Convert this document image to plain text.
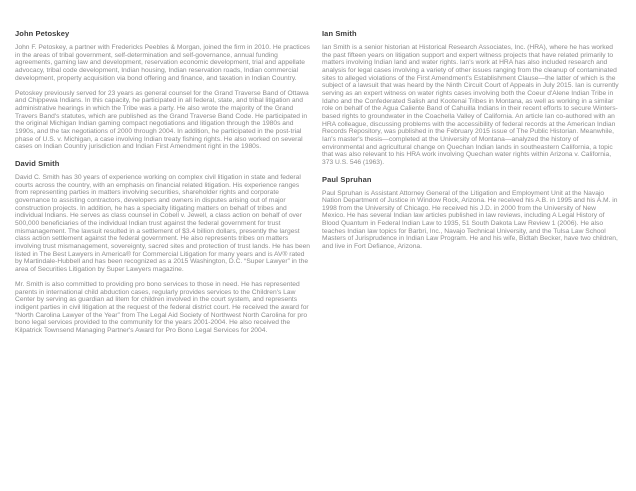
John Petoskey

John F. Petoskey, a partner with Fredericks Peebles & Morgan, joined the firm in 2010. He practices in the areas of tribal government, self-determination and self-governance, annual funding agreements, gaming law and development, reservation economic development, trial and appellate advocacy, tribal code development, Indian housing, Indian reservation roads, Indian commercial development, property acquisition via bond offering and finance, and taxation in Indian Country.

Petoskey previously served for 23 years as general counsel for the Grand Traverse Band of Ottawa and Chippewa Indians. In this capacity, he participated in all federal, state, and tribal litigation and administrative hearings in which the Tribe was a party. He also wrote the majority of the Grand Travers Band's statutes, which are published as the Grand Traverse Band Code. He participated in the original Michigan Indian gaming compact negotiations and litigation through the 1980s and 1990s, and the tax negotiations of 2000 through 2004. In addition, he participated in the post-trial phase of U.S. v. Michigan, a case involving Indian treaty fishing rights. He also worked on several cases on Indian Country jurisdiction and Indian First Amendment right in the 1980s.

David Smith

David C. Smith has 30 years of experience working on complex civil litigation in state and federal courts across the country, with an emphasis on financial related litigation. His experience ranges from representing parties in matters involving securities, shareholder rights and corporate governance to assisting contractors, developers and owners in disputes arising out of major construction projects. In addition, he has a specialty litigating matters on behalf of tribes and individual Indians. He serves as class counsel in Cobell v. Jewell, a class action on behalf of over 500,000 beneficiaries of the individual Indian trust against the federal government for trust mismanagement. The lawsuit resulted in a settlement of $3.4 billion dollars, presently the largest class action settlement against the federal government. He also represents tribes on matters involving trust mismanagement, sovereignty, sacred sites and protection of trust lands. He has been listed in The Best Lawyers in America® for Commercial Litigation for many years and is AV® rated by Martindale-Hubbell and has been recognized as a 2015 Washington, D.C. “Super Lawyer” in the area of Securities Litigation by Super Lawyers magazine.

Mr. Smith is also committed to providing pro bono services to those in need. He has represented parents in international child abduction cases, regularly provides services to the Children's Law Center by serving as guardian ad litem for children involved in the court system, and represents indigent parties in civil litigation at the request of the federal district court. He received the award for “North Carolina Lawyer of the Year” from The Legal Aid Society of Northwest North Carolina for pro bono legal services provided to the community for the years 2001-2004. He also received the Kilpatrick Townsend Managing Partner's Award for Pro Bono Legal Services for 2004.

Ian Smith

Ian Smith is a senior historian at Historical Research Associates, Inc. (HRA), where he has worked the past fifteen years on litigation support and expert witness projects that have related primarily to matters involving Indian land and water rights. Ian's work at HRA has also included research and analysis for legal cases involving a variety of other issues ranging from the cleanup of contaminated sites to alleged violations of the First Amendment's Establishment Clause—the latter of which is the subject of a lawsuit that was heard by the Ninth Circuit Court of Appeals in July 2015. Ian is currently serving as an expert witness on water rights cases involving both the Coeur d'Alene Indian Tribe in Idaho and the Confederated Salish and Kootenai Tribes in Montana, as well as working in a similar role on behalf of the Agua Caliente Band of Cahuilla Indians in their recent efforts to secure Winters-based rights to groundwater in the Coachella Valley of California. An article Ian co-authored with an HRA colleague, discussing problems with the accessibility of federal records at the American Indian Records Repository, was published in the February 2015 issue of The Public Historian. Meanwhile, Ian's master's thesis—completed at the University of Montana—analyzed the history of environmental and agricultural change on Quechan Indian lands in southeastern California, a topic that was also relevant to his HRA work involving Quechan water rights within Arizona v. California, 373 U.S. 546 (1963).

Paul Spruhan

Paul Spruhan is Assistant Attorney General of the Litigation and Employment Unit at the Navajo Nation Department of Justice in Window Rock, Arizona. He received his A.B. in 1995 and his A.M. in 1998 from the University of Chicago. He received his J.D. in 2000 from the University of New Mexico. He has several Indian law articles published in law reviews, including A Legal History of Blood Quantum in Federal Indian Law to 1935, 51 South Dakota Law Review 1 (2006). He also teaches Indian law topics for Barbri, Inc., Navajo Technical University, and the Tulsa Law School Masters of Jurisprudence in Indian Law Program. He and his wife, Bidtah Becker, have two children, and live in Fort Defiance, Arizona.
